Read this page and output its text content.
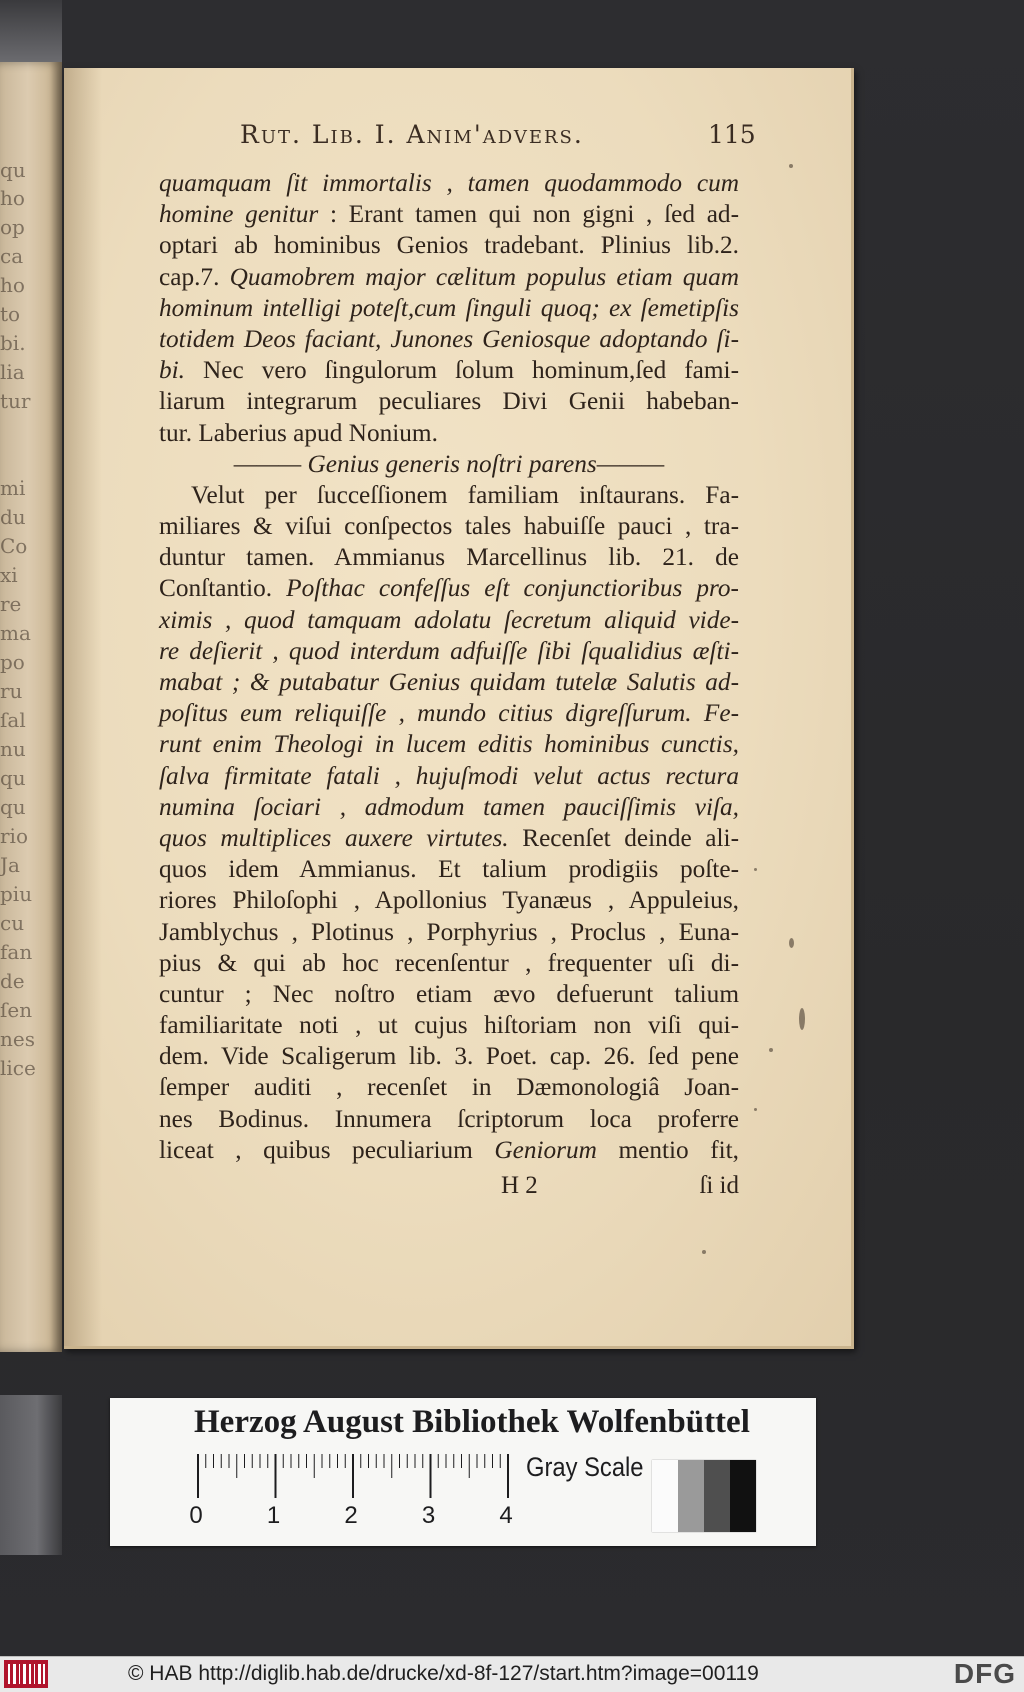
qu
ho
op
ca
ho
to
bi.
lia
tur
mi
du
Co
xi
re
ma
po
ru
ſal
nu
qu
qu
rio
Ja
piu
cu
fan
de
ſen
nes
lice
Rut. Lib. I. Anim'advers.	115
quamquam ſit immortalis , tamen quodammodo cum
homine genitur : Erant tamen qui non gigni , ſed ad-
optari ab hominibus Genios tradebant. Plinius lib.2.
cap.7. Quamobrem major cælitum populus etiam quam
hominum intelligi poteſt,cum ſinguli quoq; ex ſemetipſis
totidem Deos faciant, Junones Geniosque adoptando ſi-
bi. Nec vero ſingulorum ſolum hominum,ſed fami-
liarum integrarum peculiares Divi Genii habeban-
tur. Laberius apud Nonium.
——— Genius generis noſtri parens———
Velut per ſucceſſionem familiam inſtaurans. Fa-
miliares & viſui conſpectos tales habuiſſe pauci , tra-
duntur tamen. Ammianus Marcellinus lib. 21. de
Conſtantio. Poſthac confeſſus eſt conjunctioribus pro-
ximis , quod tamquam adolatu ſecretum aliquid vide-
re deſierit , quod interdum adfuiſſe ſibi ſqualidius æſti-
mabat ; & putabatur Genius quidam tutelæ Salutis ad-
poſitus eum reliquiſſe , mundo citius digreſſurum. Fe-
runt enim Theologi in lucem editis hominibus cunctis,
ſalva firmitate fatali , hujuſmodi velut actus rectura
numina ſociari , admodum tamen pauciſſimis viſa,
quos multiplices auxere virtutes. Recenſet deinde ali-
quos idem Ammianus. Et talium prodigiis poſte-
riores Philoſophi , Apollonius Tyanæus , Appuleius,
Jamblychus , Plotinus , Porphyrius , Proclus , Euna-
pius & qui ab hoc recenſentur , frequenter uſi di-
cuntur ; Nec noſtro etiam ævo defuerunt talium
familiaritate noti , ut cujus hiſtoriam non viſi qui-
dem. Vide Scaligerum lib. 3. Poet. cap. 26. ſed pene
ſemper auditi , recenſet in Dæmonologiâ Joan-
nes Bodinus. Innumera ſcriptorum loca proferre
liceat , quibus peculiarium Geniorum mentio fit,
H 2	ſi id
Herzog August Bibliothek Wolfenbüttel
0	1	2	3	4
Gray Scale
© HAB http://diglib.hab.de/drucke/xd-8f-127/start.htm?image=00119	DFG
